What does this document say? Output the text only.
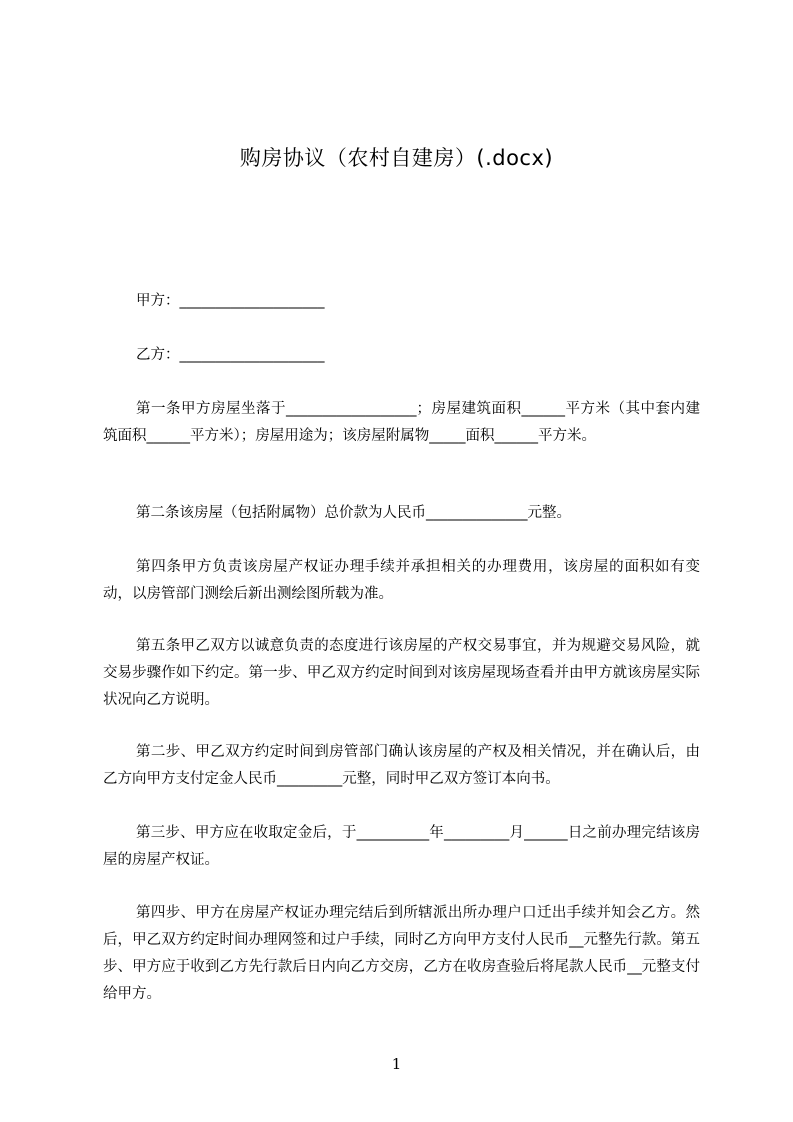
购房协议（农村自建房）(.docx)

甲方：____________________

乙方：____________________

第一条甲方房屋坐落于__________________；房屋建筑面积______平方米（其中套内建筑面积______平方米）；房屋用途为；该房屋附属物_____面积______平方米。

第二条该房屋（包括附属物）总价款为人民币______________元整。

第四条甲方负责该房屋产权证办理手续并承担相关的办理费用，该房屋的面积如有变动，以房管部门测绘后新出测绘图所载为准。

第五条甲乙双方以诚意负责的态度进行该房屋的产权交易事宜，并为规避交易风险，就交易步骤作如下约定。第一步、甲乙双方约定时间到对该房屋现场查看并由甲方就该房屋实际状况向乙方说明。

第二步、甲乙双方约定时间到房管部门确认该房屋的产权及相关情况，并在确认后，由乙方向甲方支付定金人民币_________元整，同时甲乙双方签订本向书。

第三步、甲方应在收取定金后，于__________年_________月______日之前办理完结该房屋的房屋产权证。

第四步、甲方在房屋产权证办理完结后到所辖派出所办理户口迁出手续并知会乙方。然后，甲乙双方约定时间办理网签和过户手续，同时乙方向甲方支付人民币__元整先行款。第五步、甲方应于收到乙方先行款后日内向乙方交房，乙方在收房查验后将尾款人民币__元整支付给甲方。

1
